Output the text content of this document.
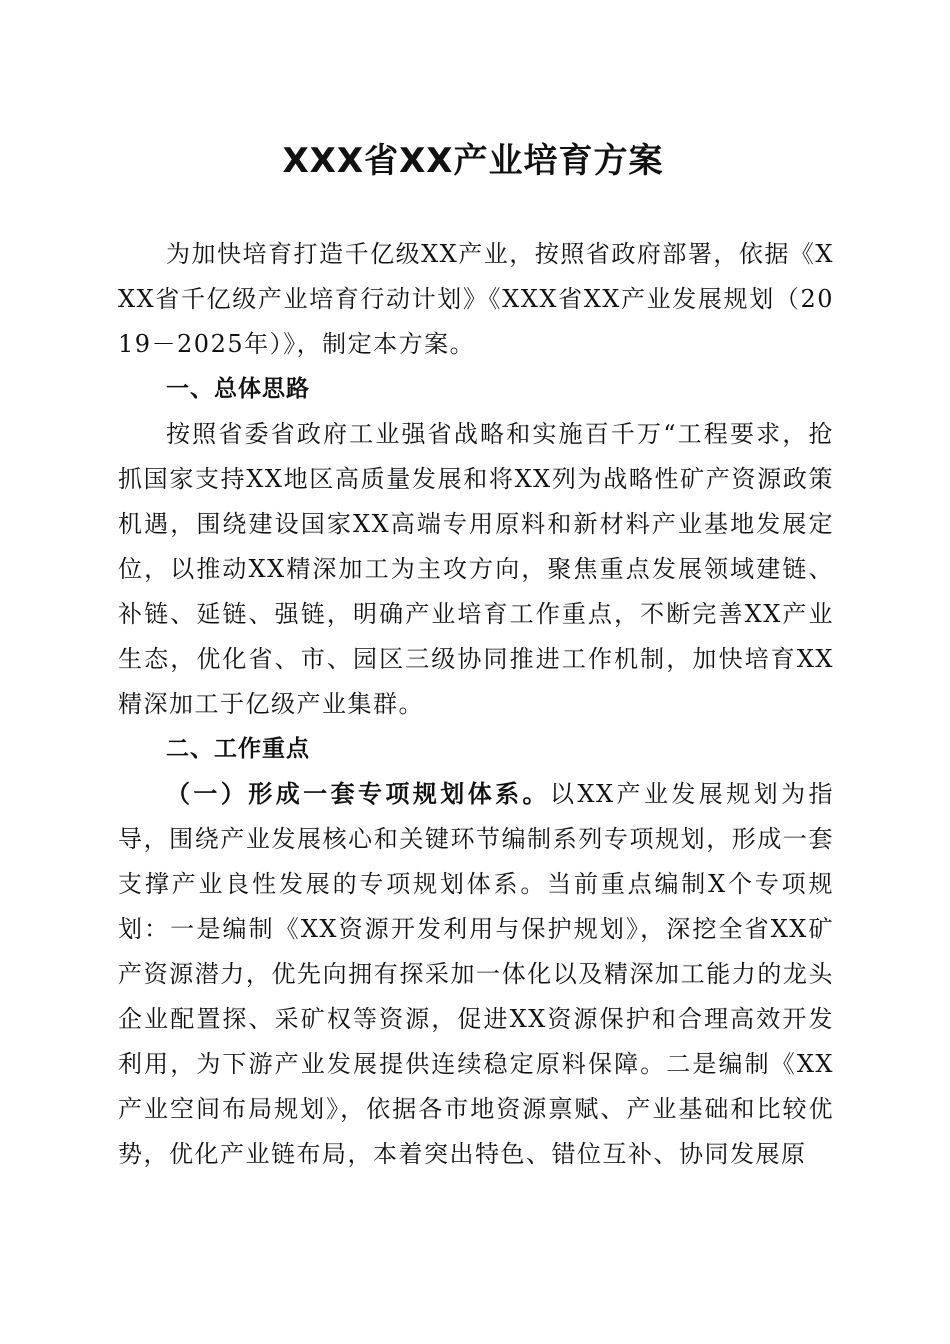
XXX省XX产业培育方案

为加快培育打造千亿级XX产业，按照省政府部署，依据《XXX省千亿级产业培育行动计划》《XXX省XX产业发展规划（2019－2025年）》，制定本方案。

一、总体思路

按照省委省政府工业强省战略和实施百千万“工程要求，抢抓国家支持XX地区高质量发展和将XX列为战略性矿产资源政策机遇，围绕建设国家XX高端专用原料和新材料产业基地发展定位，以推动XX精深加工为主攻方向，聚焦重点发展领域建链、补链、延链、强链，明确产业培育工作重点，不断完善XX产业生态，优化省、市、园区三级协同推进工作机制，加快培育XX精深加工于亿级产业集群。

二、工作重点

（一）形成一套专项规划体系。以XX产业发展规划为指导，围绕产业发展核心和关键环节编制系列专项规划，形成一套支撑产业良性发展的专项规划体系。当前重点编制X个专项规划：一是编制《XX资源开发利用与保护规划》，深挖全省XX矿产资源潜力，优先向拥有探采加一体化以及精深加工能力的龙头企业配置探、采矿权等资源，促进XX资源保护和合理高效开发利用，为下游产业发展提供连续稳定原料保障。二是编制《XX产业空间布局规划》，依据各市地资源禀赋、产业基础和比较优势，优化产业链布局，本着突出特色、错位互补、协同发展原
